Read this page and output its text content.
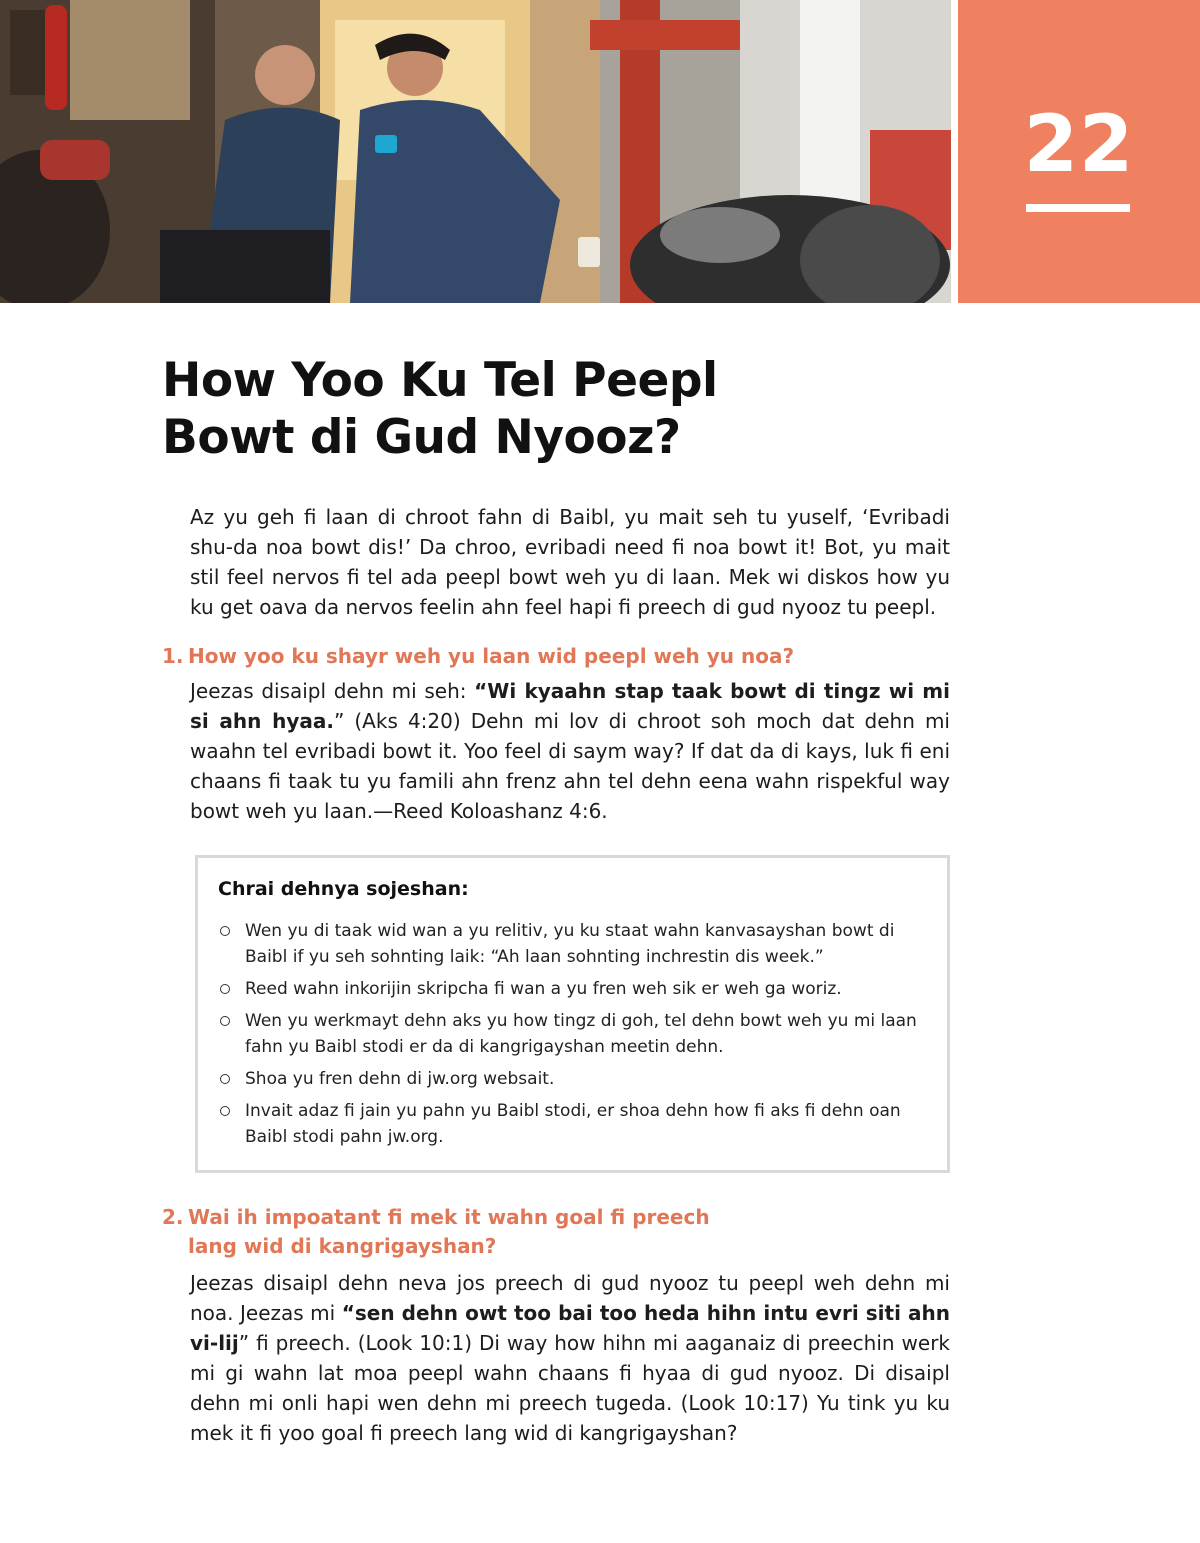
22
How Yoo Ku Tel Peepl
Bowt di Gud Nyooz?

Az yu geh fi laan di chroot fahn di Baibl, yu mait seh tu yuself, ‘Evribadi shu-da noa bowt dis!’ Da chroo, evribadi need fi noa bowt it! Bot, yu mait stil feel nervos fi tel ada peepl bowt weh yu di laan. Mek wi diskos how yu ku get oava da nervos feelin ahn feel hapi fi preech di gud nyooz tu peepl.

1. How yoo ku shayr weh yu laan wid peepl weh yu noa?

Jeezas disaipl dehn mi seh: “Wi kyaahn stap taak bowt di tingz wi mi si ahn hyaa.” (Aks 4:20) Dehn mi lov di chroot soh moch dat dehn mi waahn tel evribadi bowt it. Yoo feel di saym way? If dat da di kays, luk fi eni chaans fi taak tu yu famili ahn frenz ahn tel dehn eena wahn rispekful way bowt weh yu laan.—Reed Koloashanz 4:6.

Chrai dehnya sojeshan:
Wen yu di taak wid wan a yu relitiv, yu ku staat wahn kanvasayshan bowt di Baibl if yu seh sohnting laik: “Ah laan sohnting inchrestin dis week.”
Reed wahn inkorijin skripcha fi wan a yu fren weh sik er weh ga woriz.
Wen yu werkmayt dehn aks yu how tingz di goh, tel dehn bowt weh yu mi laan fahn yu Baibl stodi er da di kangrigayshan meetin dehn.
Shoa yu fren dehn di jw.org websait.
Invait adaz fi jain yu pahn yu Baibl stodi, er shoa dehn how fi aks fi dehn oan Baibl stodi pahn jw.org.
2. Wai ih impoatant fi mek it wahn goal fi preech
lang wid di kangrigayshan?

Jeezas disaipl dehn neva jos preech di gud nyooz tu peepl weh dehn mi noa. Jeezas mi “sen dehn owt too bai too heda hihn intu evri siti ahn vi-lij” fi preech. (Look 10:1) Di way how hihn mi aaganaiz di preechin werk mi gi wahn lat moa peepl wahn chaans fi hyaa di gud nyooz. Di disaipl dehn mi onli hapi wen dehn mi preech tugeda. (Look 10:17) Yu tink yu ku mek it fi yoo goal fi preech lang wid di kangrigayshan?
